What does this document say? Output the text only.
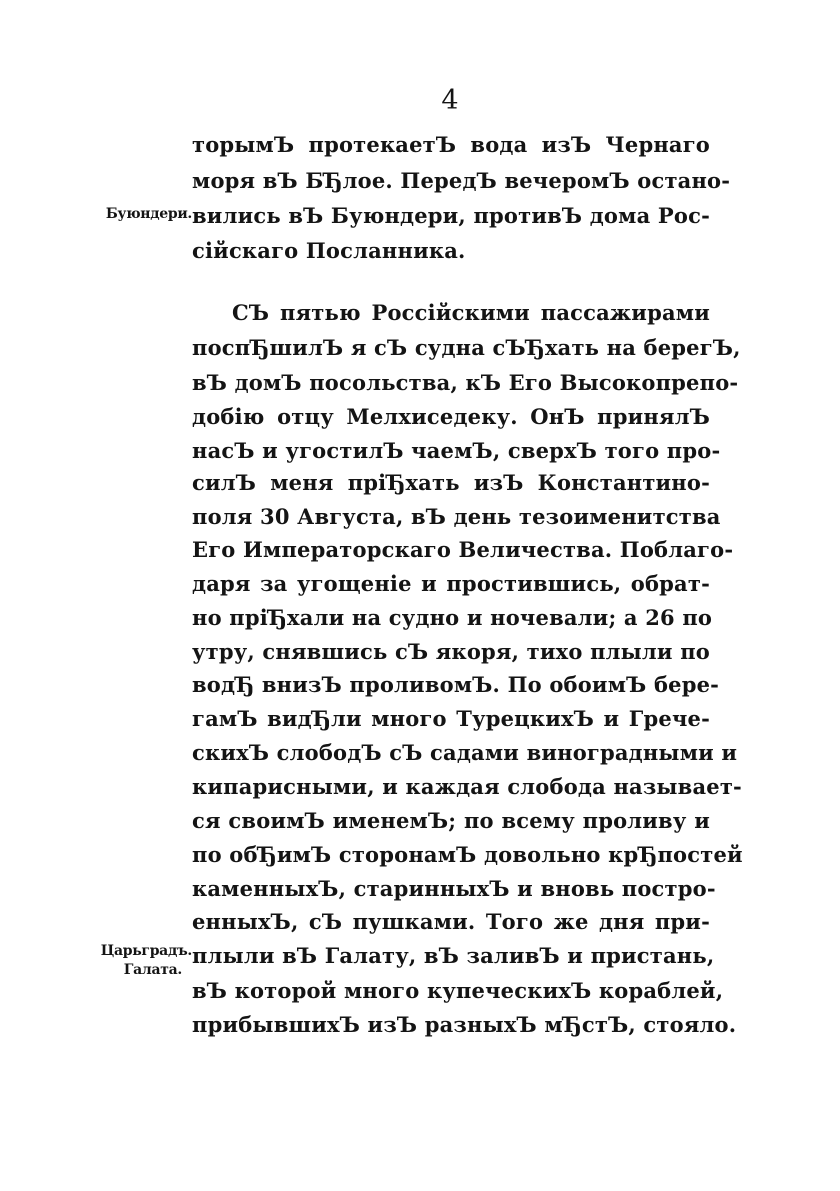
4
Буюндери.
Царьградъ.
Галата.
торымЪ протекаетЪ вода изЪ Чернаго
моря вЪ БЂлое. ПередЪ вечеромЪ остано-
вились вЪ Буюндери, противЪ дома Рос-
сійскаго Посланника.
СЪ пятью Россійскими пассажирами
поспЂшилЪ я сЪ судна сЪЂхать на берегЪ,
вЪ домЪ посольства, кЪ Его Высокопрепо-
добію отцу Мелхиседеку. ОнЪ принялЪ
насЪ и угостилЪ чаемЪ, сверхЪ того про-
силЪ меня пріЂхать изЪ Константино-
поля 30 Августа, вЪ день тезоименитства
Его Императорскаго Величества. Поблаго-
даря за угощеніе и простившись, обрат-
но пріЂхали на судно и ночевали; а 26 по
утру, снявшись сЪ якоря, тихо плыли по
водЂ внизЪ проливомЪ. По обоимЪ бере-
гамЪ видЂли много ТурецкихЪ и Грече-
скихЪ слободЪ сЪ садами виноградными и
кипарисными, и каждая слобода называет-
ся своимЪ именемЪ; по всему проливу и
по обЂимЪ сторонамЪ довольно крЂпостей
каменныхЪ, старинныхЪ и вновь постро-
енныхЪ, сЪ пушками. Того же дня при-
плыли вЪ Галату, вЪ заливЪ и пристань,
вЪ которой много купеческихЪ кораблей,
прибывшихЪ изЪ разныхЪ мЂстЪ, стояло.
